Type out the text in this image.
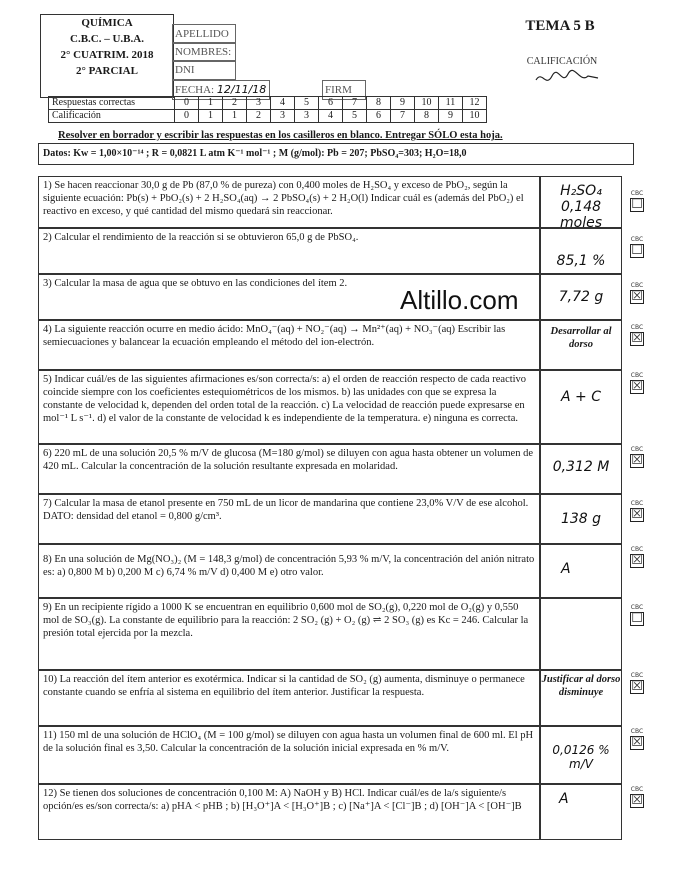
QUÍMICA
C.B.C. – U.B.A.
2° CUATRIM. 2018
2° PARCIAL
APELLIDO
NOMBRES:
DNI
FECHA: 12/11/18	FIRM
TEMA 5 B
CALIFICACIÓN
Respuestas correctas	0	1	2	3	4	5	6	7	8	9	10	11	12
Calificación	0	1	1	2	3	3	4	5	6	7	8	9	10
Resolver en borrador y escribir las respuestas en los casilleros en blanco. Entregar SÓLO esta hoja.
Datos: Kw = 1,00×10⁻¹⁴ ; R = 0,0821 L atm K⁻¹ mol⁻¹ ; M (g/mol): Pb = 207; PbSO₄=303; H₂O=18,0
1) Se hacen reaccionar 30,0 g de Pb (87,0 % de pureza) con 0,400 moles de H₂SO₄ y exceso de PbO₂, según la siguiente ecuación: Pb(s) + PbO₂(s) + 2 H₂SO₄(aq) → 2 PbSO₄(s) + 2 H₂O(l) Indicar cuál es (además del PbO₂) el reactivo en exceso, y qué cantidad del mismo quedará sin reaccionar.
H₂SO₄ 0,148 moles
CBC
☐
2) Calcular el rendimiento de la reacción si se obtuvieron 65,0 g de PbSO₄.
85,1 %
CBC
☐
3) Calcular la masa de agua que se obtuvo en las condiciones del ítem 2.
7,72 g
CBC
☒
Altillo.com
4) La siguiente reacción ocurre en medio ácido: MnO₄⁻(aq) + NO₂⁻(aq) → Mn²⁺(aq) + NO₃⁻(aq) Escribir las semiecuaciones y balancear la ecuación empleando el método del ion-electrón.
Desarrollar al dorso
CBC
☒
5) Indicar cuál/es de las siguientes afirmaciones es/son correcta/s: a) el orden de reacción respecto de cada reactivo coincide siempre con los coeficientes estequiométricos de los mismos. b) las unidades con que se expresa la constante de velocidad k, dependen del orden total de la reacción. c) La velocidad de reacción puede expresarse en mol⁻¹ L s⁻¹. d) el valor de la constante de velocidad k es independiente de la temperatura. e) ninguna es correcta.
A + C
CBC
☒
6) 220 mL de una solución 20,5 % m/V de glucosa (M=180 g/mol) se diluyen con agua hasta obtener un volumen de 420 mL. Calcular la concentración de la solución resultante expresada en molaridad.	0,312 M
CBC
☒
7) Calcular la masa de etanol presente en 750 mL de un licor de mandarina que contiene 23,0% V/V de ese alcohol. DATO: densidad del etanol = 0,800 g/cm³.	138 g
CBC
☒
8) En una solución de Mg(NO₃)₂ (M = 148,3 g/mol) de concentración 5,93 % m/V, la concentración del anión nitrato es: a) 0,800 M b) 0,200 M c) 6,74 % m/V d) 0,400 M e) otro valor.	A
CBC
☒
9) En un recipiente rígido a 1000 K se encuentran en equilibrio 0,600 mol de SO₂(g), 0,220 mol de O₂(g) y 0,550 mol de SO₃(g). La constante de equilibrio para la reacción: 2 SO₂ (g) + O₂ (g) ⇌ 2 SO₃ (g) es Kc = 246. Calcular la presión total ejercida por la mezcla.
CBC
☐
10) La reacción del ítem anterior es exotérmica. Indicar si la cantidad de SO₂ (g) aumenta, disminuye o permanece constante cuando se enfría al sistema en equilibrio del ítem anterior. Justificar la respuesta.
Justificar al dorso disminuye
CBC
☒
11) 150 ml de una solución de HClO₄ (M = 100 g/mol) se diluyen con agua hasta un volumen final de 600 ml. El pH de la solución final es 3,50. Calcular la concentración de la solución inicial expresada en % m/V.	0,0126 % m/V
CBC
☒
12) Se tienen dos soluciones de concentración 0,100 M: A) NaOH y B) HCl. Indicar cuál/es de la/s siguiente/s opción/es es/son correcta/s: a) pHA < pHB ; b) [H₃O⁺]A < [H₃O⁺]B ; c) [Na⁺]A < [Cl⁻]B ; d) [OH⁻]A < [OH⁻]B	A
CBC
☒
